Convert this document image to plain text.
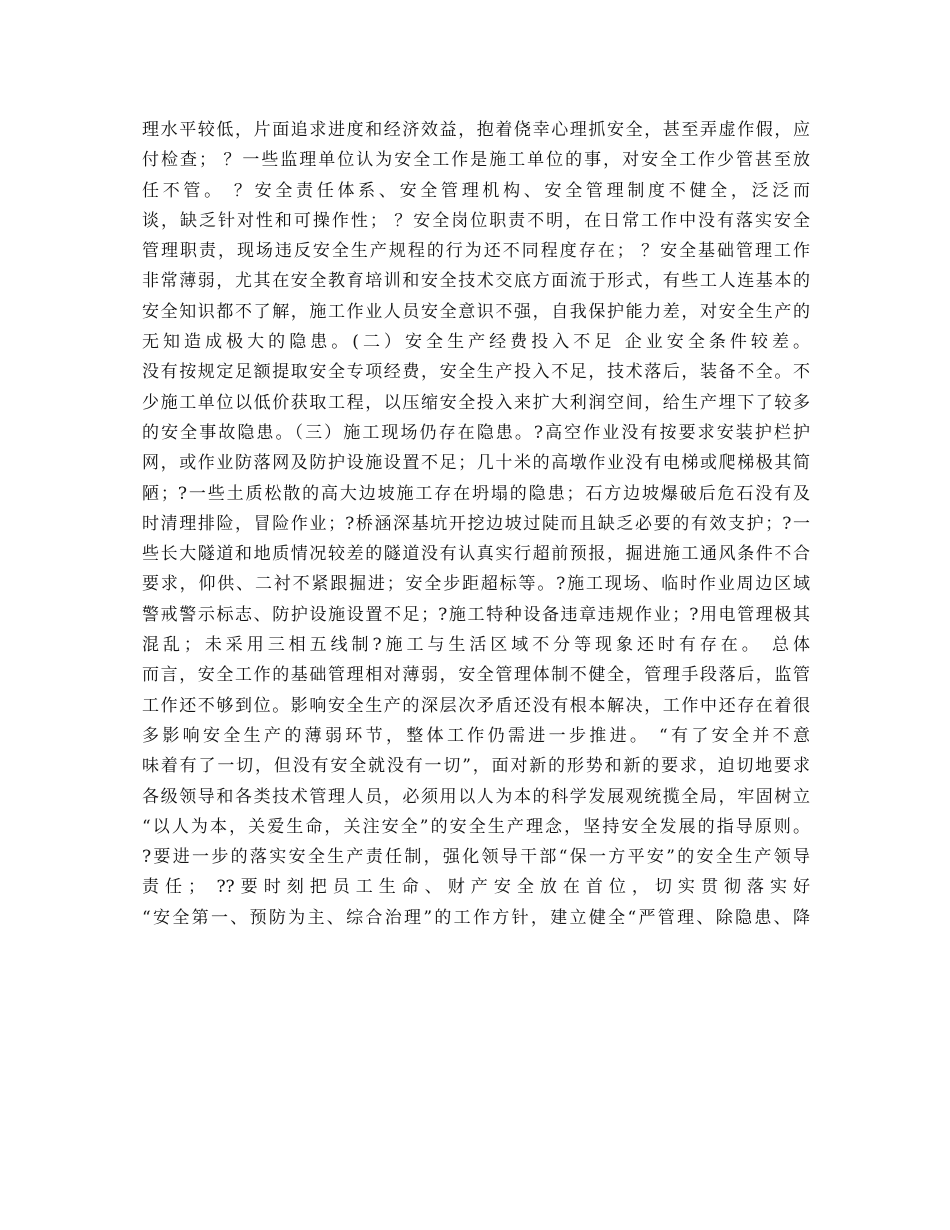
理水平较低，片面追求进度和经济效益，抱着侥幸心理抓安全，甚至弄虚作假，应
付检查； ？一些监理单位认为安全工作是施工单位的事，对安全工作少管甚至放
任不管。 ？安全责任体系、安全管理机构、安全管理制度不健全，泛泛而
谈，缺乏针对性和可操作性； ？安全岗位职责不明，在日常工作中没有落实安全
管理职责，现场违反安全生产规程的行为还不同程度存在； ？安全基础管理工作
非常薄弱，尤其在安全教育培训和安全技术交底方面流于形式，有些工人连基本的
安全知识都不了解，施工作业人员安全意识不强，自我保护能力差，对安全生产的
无知造成极大的隐患。(二）安全生产经费投入不足 企业安全条件较差。
没有按规定足额提取安全专项经费，安全生产投入不足，技术落后，装备不全。不
少施工单位以低价获取工程，以压缩安全投入来扩大利润空间，给生产埋下了较多
的安全事故隐患。（三）施工现场仍存在隐患。?高空作业没有按要求安装护栏护
网，或作业防落网及防护设施设置不足；几十米的高墩作业没有电梯或爬梯极其简
陋；?一些土质松散的高大边坡施工存在坍塌的隐患；石方边坡爆破后危石没有及
时清理排险，冒险作业；?桥涵深基坑开挖边坡过陡而且缺乏必要的有效支护；?一
些长大隧道和地质情况较差的隧道没有认真实行超前预报，掘进施工通风条件不合
要求，仰供、二衬不紧跟掘进；安全步距超标等。?施工现场、临时作业周边区域
警戒警示标志、防护设施设置不足；?施工特种设备违章违规作业；?用电管理极其
混乱；未采用三相五线制?施工与生活区域不分等现象还时有存在。 总体
而言，安全工作的基础管理相对薄弱，安全管理体制不健全，管理手段落后，监管
工作还不够到位。影响安全生产的深层次矛盾还没有根本解决，工作中还存在着很
多影响安全生产的薄弱环节，整体工作仍需进一步推进。 “有了安全并不意
味着有了一切，但没有安全就没有一切”，面对新的形势和新的要求，迫切地要求
各级领导和各类技术管理人员，必须用以人为本的科学发展观统揽全局，牢固树立
“以人为本，关爱生命，关注安全”的安全生产理念，坚持安全发展的指导原则。
?要进一步的落实安全生产责任制，强化领导干部“保一方平安”的安全生产领导
责任； ??要时刻把员工生命、财产安全放在首位，切实贯彻落实好
“安全第一、预防为主、综合治理”的工作方针，建立健全“严管理、除隐患、降
